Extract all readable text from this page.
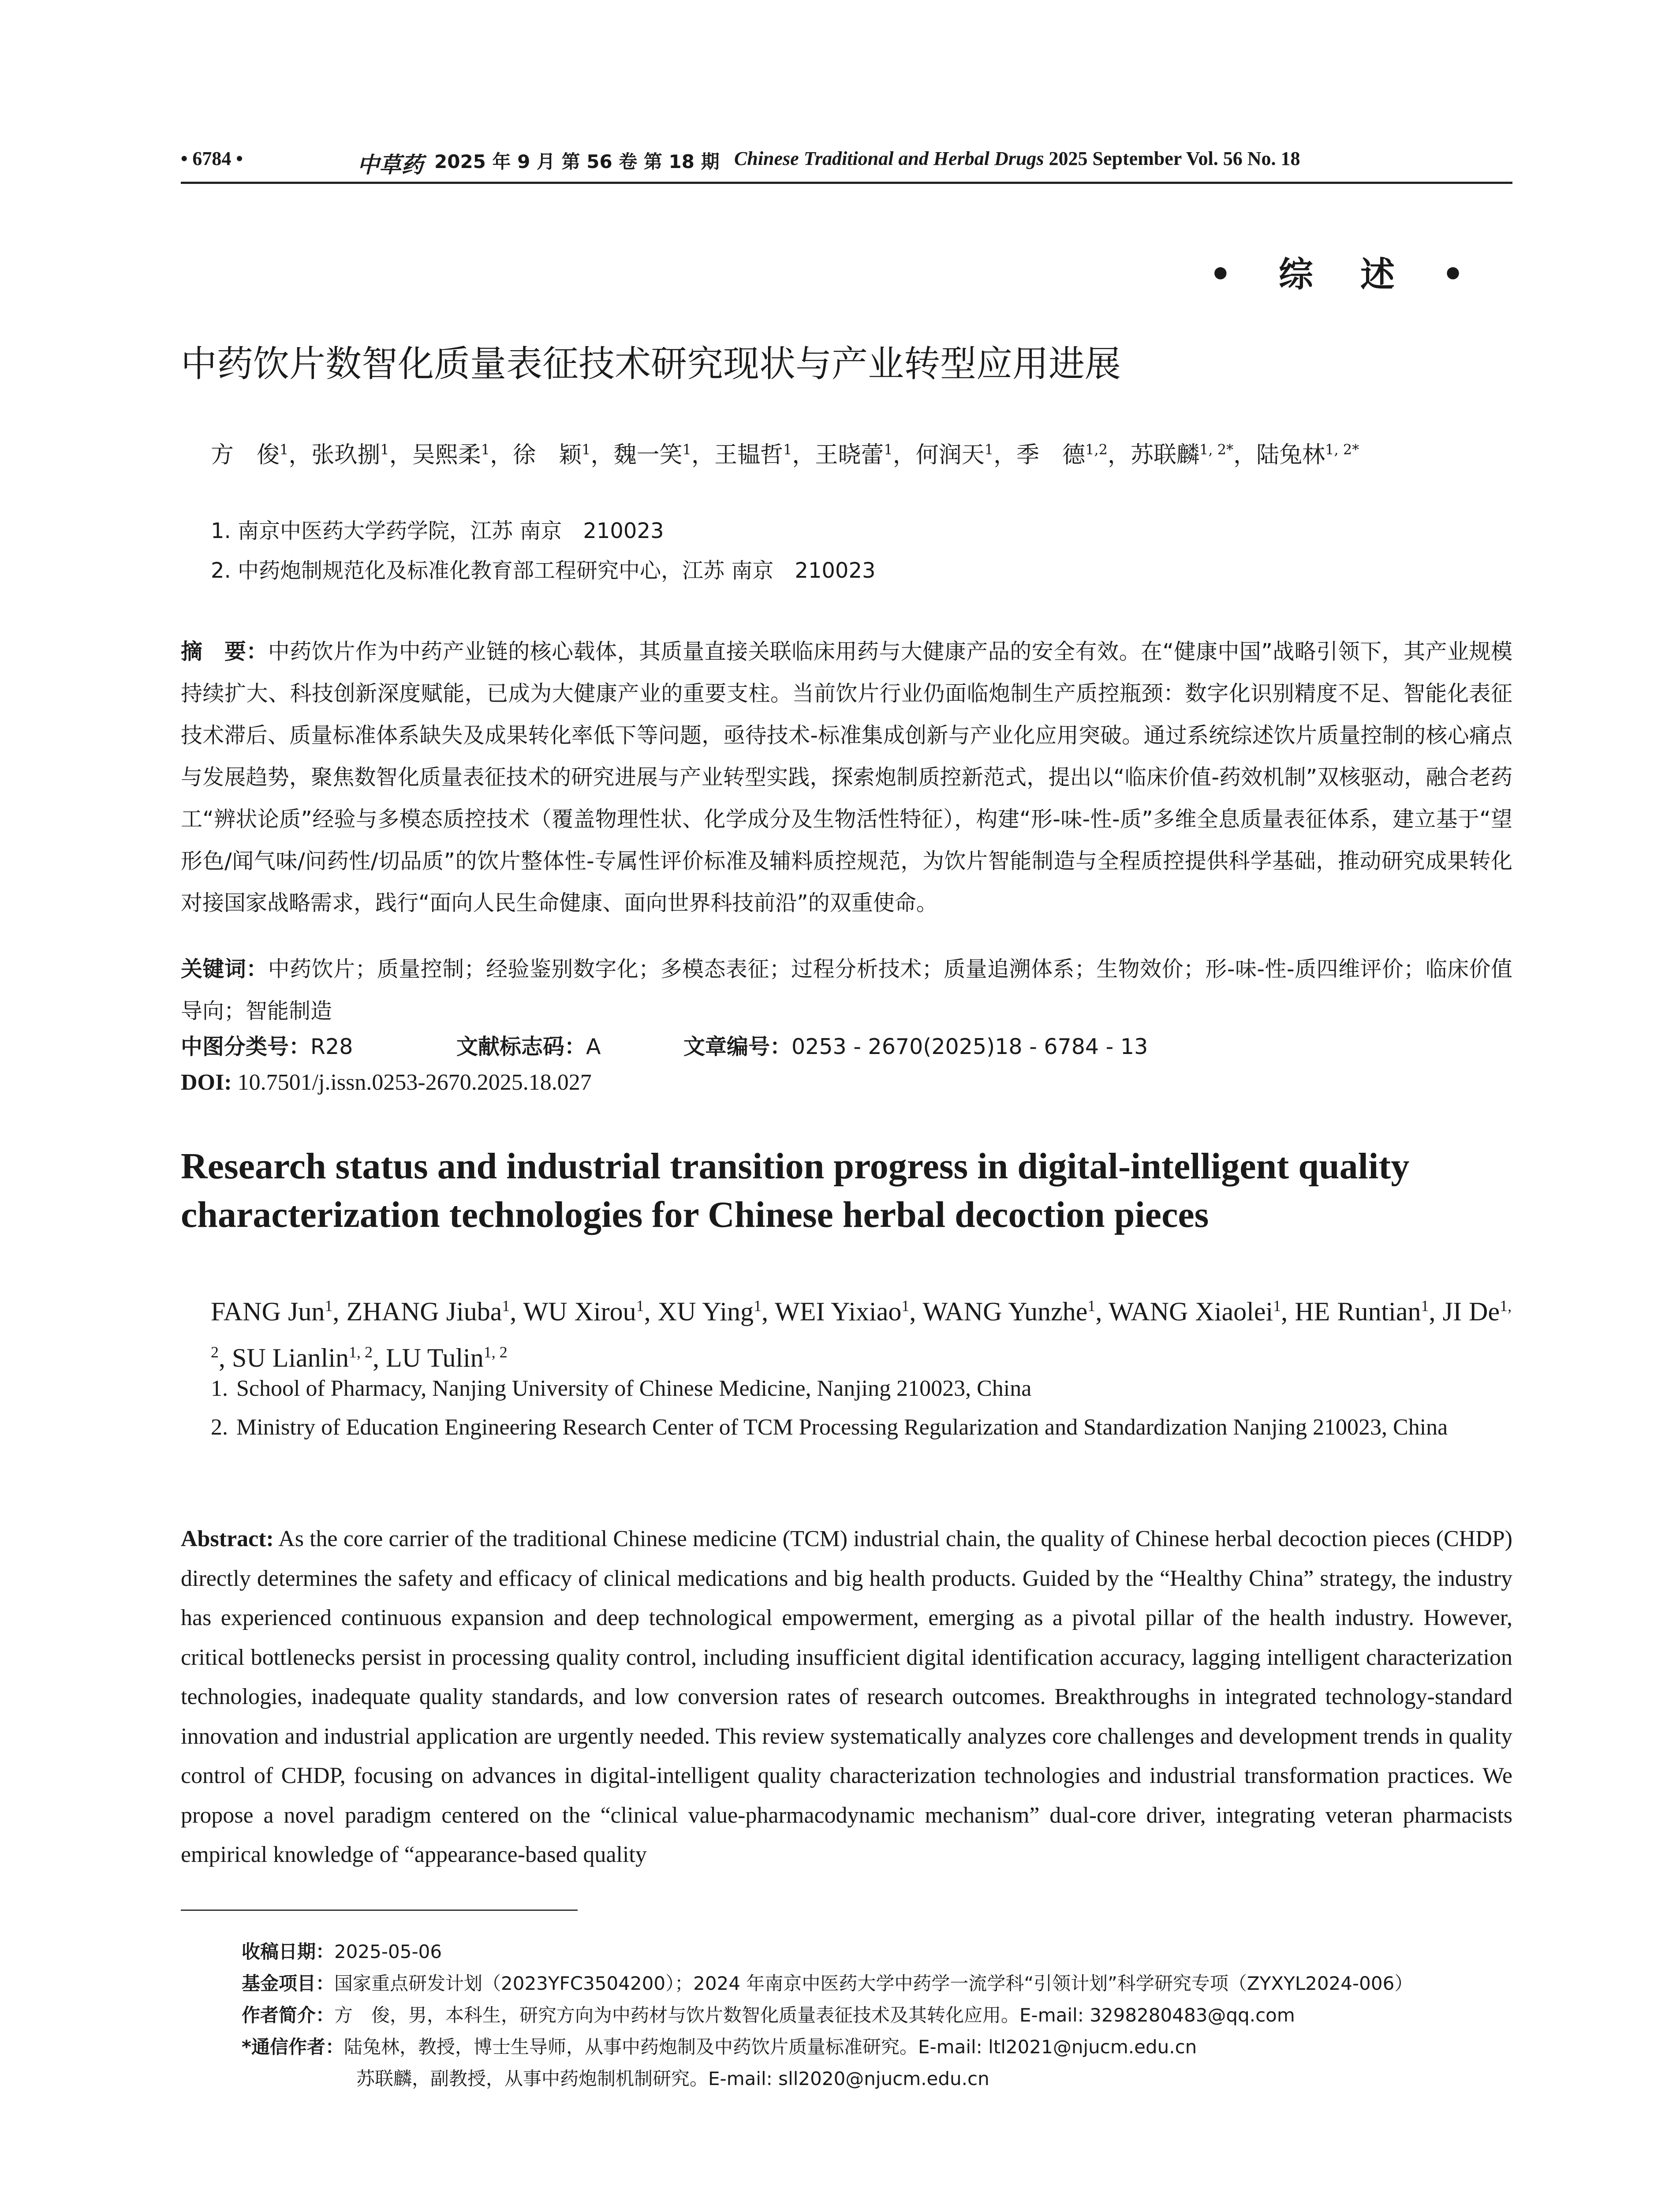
• 6784 •	中草药 2025 年 9 月 第 56 卷 第 18 期 Chinese Traditional and Herbal Drugs 2025 September Vol. 56 No. 18
• 综 述 •
中药饮片数智化质量表征技术研究现状与产业转型应用进展
方　俊$^1$，张玖捌$^1$，吴熙柔$^1$，徐　颖$^1$，魏一笑$^1$，王韫哲$^1$，王晓蕾$^1$，何润天$^1$，季　德$^{1,2}$，苏联麟$^{1, 2*}$，陆兔林$^{1, 2*}$
1. 南京中医药大学药学院，江苏 南京　210023
2. 中药炮制规范化及标准化教育部工程研究中心，江苏 南京　210023
摘　要：中药饮片作为中药产业链的核心载体，其质量直接关联临床用药与大健康产品的安全有效。在“健康中国”战略引领下，其产业规模持续扩大、科技创新深度赋能，已成为大健康产业的重要支柱。当前饮片行业仍面临炮制生产质控瓶颈：数字化识别精度不足、智能化表征技术滞后、质量标准体系缺失及成果转化率低下等问题，亟待技术-标准集成创新与产业化应用突破。通过系统综述饮片质量控制的核心痛点与发展趋势，聚焦数智化质量表征技术的研究进展与产业转型实践，探索炮制质控新范式，提出以“临床价值-药效机制”双核驱动，融合老药工“辨状论质”经验与多模态质控技术（覆盖物理性状、化学成分及生物活性特征），构建“形-味-性-质”多维全息质量表征体系，建立基于“望形色/闻气味/问药性/切品质”的饮片整体性-专属性评价标准及辅料质控规范，为饮片智能制造与全程质控提供科学基础，推动研究成果转化对接国家战略需求，践行“面向人民生命健康、面向世界科技前沿”的双重使命。
关键词：中药饮片；质量控制；经验鉴别数字化；多模态表征；过程分析技术；质量追溯体系；生物效价；形-味-性-质四维评价；临床价值导向；智能制造
中图分类号：R28	文献标志码：A	文章编号：0253 - 2670(2025)18 - 6784 - 13
DOI: 10.7501/j.issn.0253-2670.2025.18.027
Research status and industrial transition progress in digital-intelligent quality characterization technologies for Chinese herbal decoction pieces
FANG Jun$^1$, ZHANG Jiuba$^1$, WU Xirou$^1$, XU Ying$^1$, WEI Yixiao$^1$, WANG Yunzhe$^1$, WANG Xiaolei$^1$, HE Runtian$^1$, JI De$^{1, 2}$, SU Lianlin$^{1, 2}$, LU Tulin$^{1, 2}$
1. School of Pharmacy, Nanjing University of Chinese Medicine, Nanjing 210023, China
2. Ministry of Education Engineering Research Center of TCM Processing Regularization and Standardization Nanjing 210023, China
Abstract: As the core carrier of the traditional Chinese medicine (TCM) industrial chain, the quality of Chinese herbal decoction pieces (CHDP) directly determines the safety and efficacy of clinical medications and big health products. Guided by the “Healthy China” strategy, the industry has experienced continuous expansion and deep technological empowerment, emerging as a pivotal pillar of the health industry. However, critical bottlenecks persist in processing quality control, including insufficient digital identification accuracy, lagging intelligent characterization technologies, inadequate quality standards, and low conversion rates of research outcomes. Breakthroughs in integrated technology-standard innovation and industrial application are urgently needed. This review systematically analyzes core challenges and development trends in quality control of CHDP, focusing on advances in digital-intelligent quality characterization technologies and industrial transformation practices. We propose a novel paradigm centered on the “clinical value-pharmacodynamic mechanism” dual-core driver, integrating veteran pharmacists empirical knowledge of “appearance-based quality
收稿日期：2025-05-06
基金项目：国家重点研发计划（2023YFC3504200）；2024 年南京中医药大学中药学一流学科“引领计划”科学研究专项（ZYXYL2024-006）
作者简介：方　俊，男，本科生，研究方向为中药材与饮片数智化质量表征技术及其转化应用。E-mail: 3298280483@qq.com
*通信作者：陆兔林，教授，博士生导师，从事中药炮制及中药饮片质量标准研究。E-mail: ltl2021@njucm.edu.cn
苏联麟，副教授，从事中药炮制机制研究。E-mail: sll2020@njucm.edu.cn
